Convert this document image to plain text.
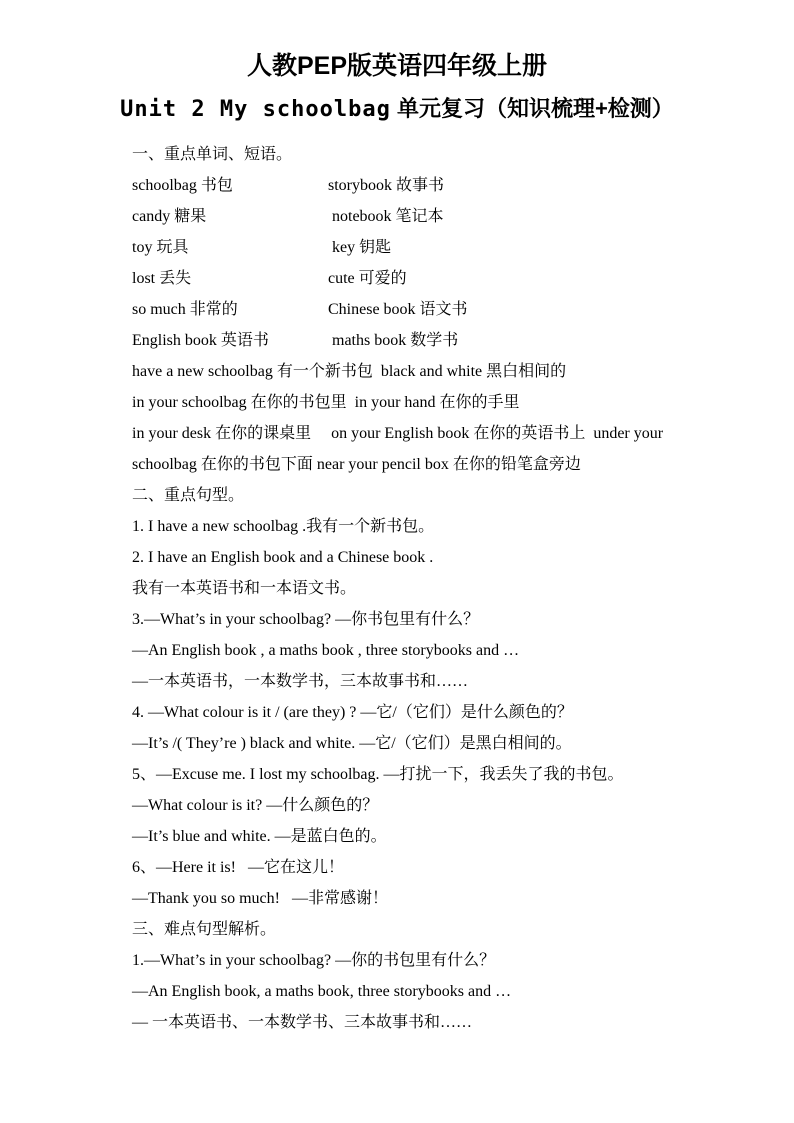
人教PEP版英语四年级上册
Unit 2 My schoolbag 单元复习（知识梳理+检测）
一、重点单词、短语。
schoolbag 书包	storybook 故事书
candy 糖果	notebook 笔记本
toy 玩具	key 钥匙
lost 丢失	cute 可爱的
so much 非常的	Chinese book 语文书
English book 英语书	maths book 数学书
have a new schoolbag 有一个新书包  black and white 黑白相间的
in your schoolbag 在你的书包里  in your hand 在你的手里
in your desk 在你的课桌里     on your English book 在你的英语书上  under your
schoolbag 在你的书包下面 near your pencil box 在你的铅笔盒旁边
二、重点句型。
1. I have a new schoolbag .我有一个新书包。
2. I have an English book and a Chinese book .
我有一本英语书和一本语文书。
3.—What’s in your schoolbag? —你书包里有什么？
—An English book , a maths book , three storybooks and …
—一本英语书，一本数学书，三本故事书和……
4. —What colour is it / (are they) ? —它/（它们）是什么颜色的？
—It’s /( They’re ) black and white. —它/（它们）是黑白相间的。
5、—Excuse me. I lost my schoolbag. —打扰一下，我丢失了我的书包。
—What colour is it? —什么颜色的？
—It’s blue and white. —是蓝白色的。
6、—Here it is!   —它在这儿！
—Thank you so much!   —非常感谢！
三、难点句型解析。
1.—What’s in your schoolbag? —你的书包里有什么？
—An English book, a maths book, three storybooks and …
— 一本英语书、一本数学书、三本故事书和……
